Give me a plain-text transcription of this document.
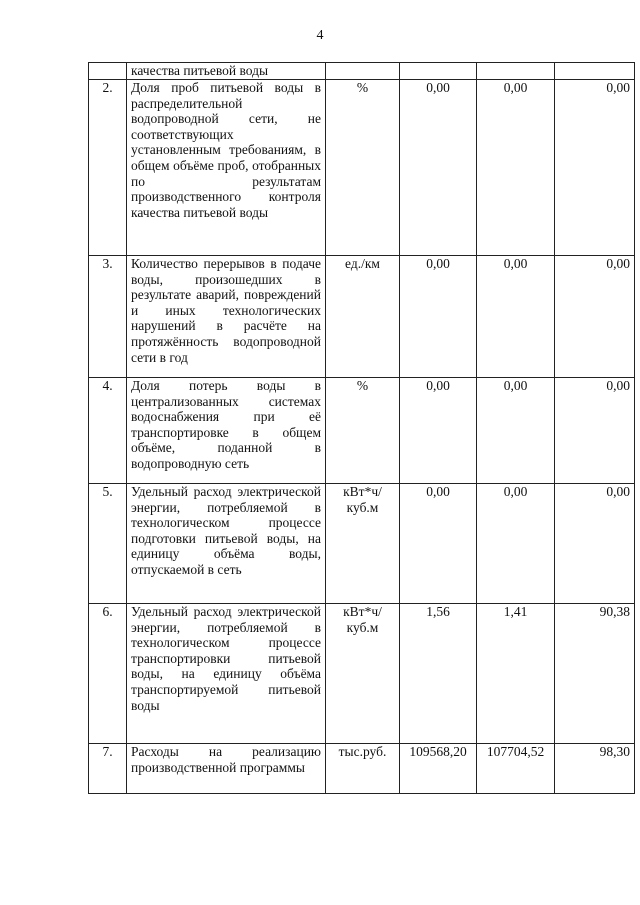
4
	качества питьевой воды				
2.	Доля проб питьевой воды в распределительной водопроводной сети, не соответствующих установленным требованиям, в общем объёме проб, отобранных по результатам производственного контроля качества питьевой воды	%	0,00	0,00	0,00
3.	Количество перерывов в подаче воды, произошедших в результате аварий, повреждений и иных технологических нарушений в расчёте на протяжённость водопроводной сети в год	ед./км	0,00	0,00	0,00
4.	Доля потерь воды в централизованных системах водоснабжения при её транспортировке в общем объёме, поданной в водопроводную сеть	%	0,00	0,00	0,00
5.	Удельный расход электрической энергии, потребляемой в технологическом процессе подготовки питьевой воды, на единицу объёма воды, отпускаемой в сеть	кВт*ч/ куб.м	0,00	0,00	0,00
6.	Удельный расход электрической энергии, потребляемой в технологическом процессе транспортировки питьевой воды, на единицу объёма транспортируемой питьевой воды	кВт*ч/ куб.м	1,56	1,41	90,38
7.	Расходы на реализацию производственной программы	тыс.руб.	109568,20	107704,52	98,30
